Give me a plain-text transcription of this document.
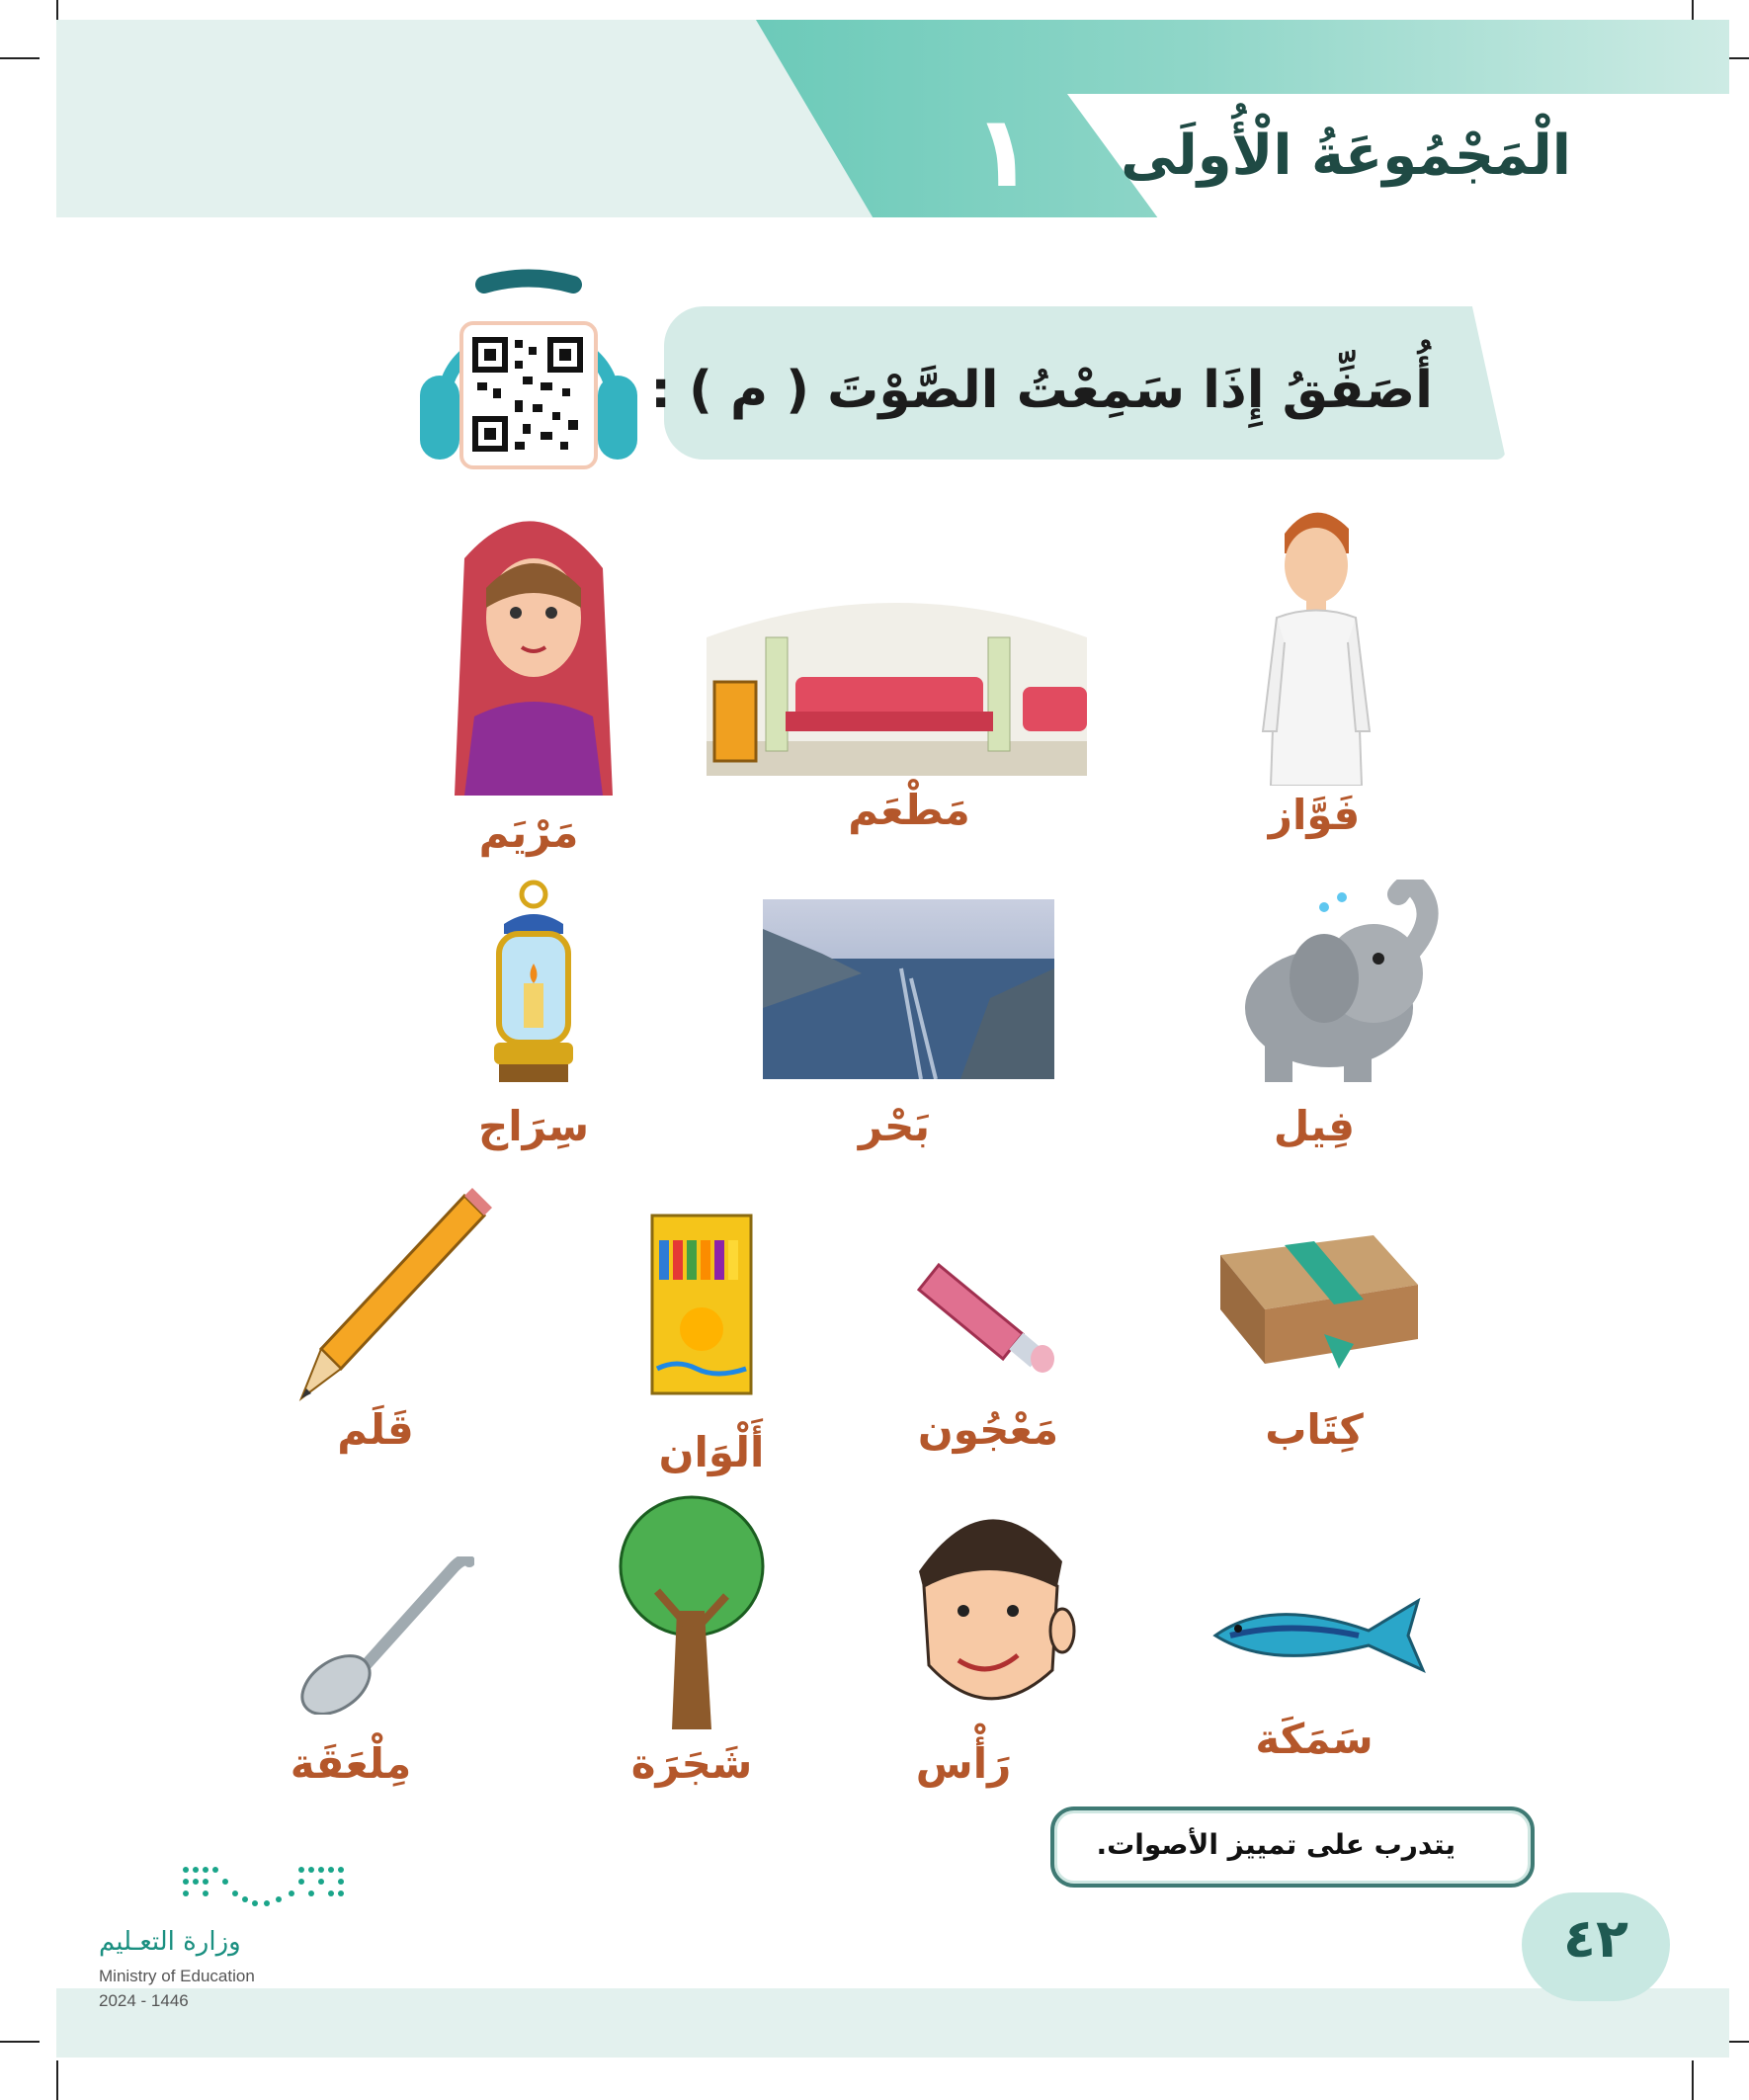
١	الْمَجْمُوعَةُ الْأُولَى
أُصَفِّقُ إِذَا سَمِعْتُ الصَّوْتَ ( م ) :
فَوَّاز
مَطْعَم
مَرْيَم
فِيل
بَحْر
سِرَاج
كِتَاب
مَعْجُون
أَلْوَان
قَلَم
سَمَكَة
رَأْس
شَجَرَة
مِلْعَقَة
يتدرب على تمييز الأصوات.
٤٢
وزارة التعـليم
Ministry of Education
2024 - 1446
